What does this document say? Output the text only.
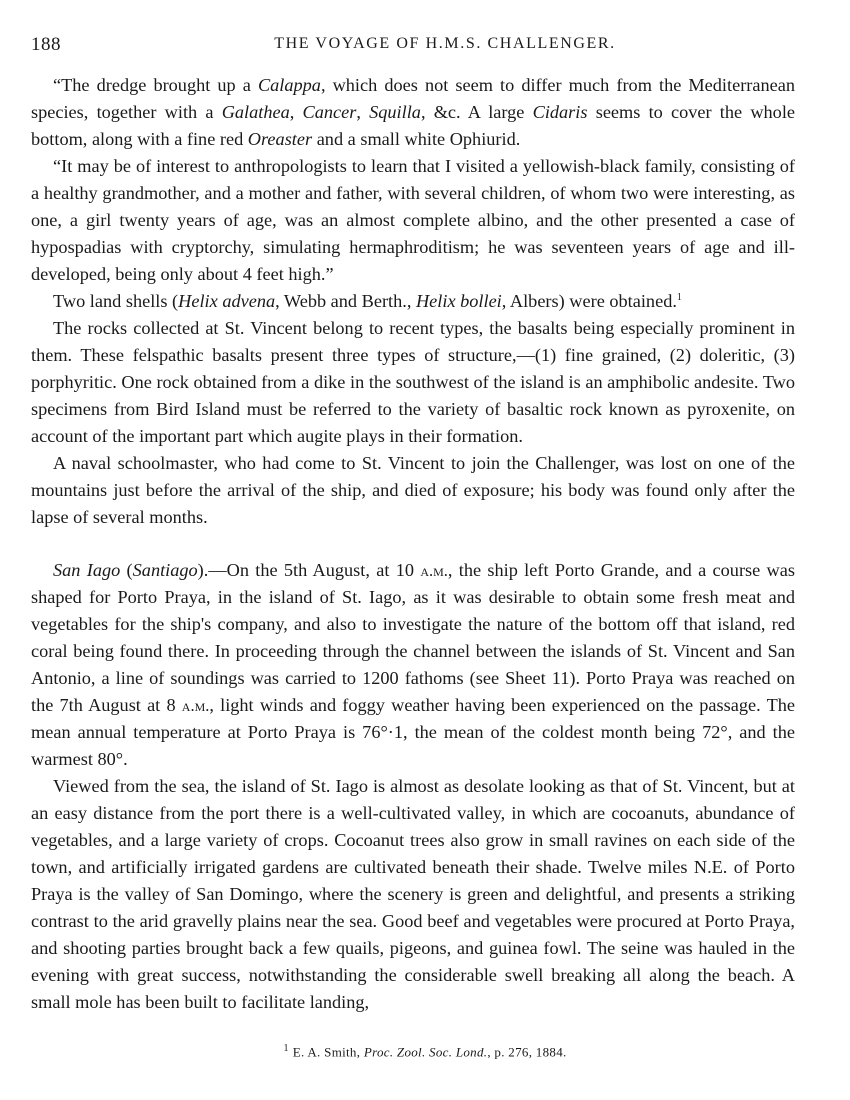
188	THE VOYAGE OF H.M.S. CHALLENGER.

“The dredge brought up a Calappa, which does not seem to differ much from the Mediterranean species, together with a Galathea, Cancer, Squilla, &c. A large Cidaris seems to cover the whole bottom, along with a fine red Oreaster and a small white Ophiurid.

“It may be of interest to anthropologists to learn that I visited a yellowish-black family, consisting of a healthy grandmother, and a mother and father, with several children, of whom two were interesting, as one, a girl twenty years of age, was an almost complete albino, and the other presented a case of hypospadias with cryptorchy, simulating hermaphroditism; he was seventeen years of age and ill-developed, being only about 4 feet high.”

Two land shells (Helix advena, Webb and Berth., Helix bollei, Albers) were obtained.$^1$

The rocks collected at St. Vincent belong to recent types, the basalts being especially prominent in them. These felspathic basalts present three types of structure,—(1) fine grained, (2) doleritic, (3) porphyritic. One rock obtained from a dike in the southwest of the island is an amphibolic andesite. Two specimens from Bird Island must be referred to the variety of basaltic rock known as pyroxenite, on account of the important part which augite plays in their formation.

A naval schoolmaster, who had come to St. Vincent to join the Challenger, was lost on one of the mountains just before the arrival of the ship, and died of exposure; his body was found only after the lapse of several months.

San Iago (Santiago).—On the 5th August, at 10 a.m., the ship left Porto Grande, and a course was shaped for Porto Praya, in the island of St. Iago, as it was desirable to obtain some fresh meat and vegetables for the ship's company, and also to investigate the nature of the bottom off that island, red coral being found there. In proceeding through the channel between the islands of St. Vincent and San Antonio, a line of soundings was carried to 1200 fathoms (see Sheet 11). Porto Praya was reached on the 7th August at 8 a.m., light winds and foggy weather having been experienced on the passage. The mean annual temperature at Porto Praya is 76°·1, the mean of the coldest month being 72°, and the warmest 80°.

Viewed from the sea, the island of St. Iago is almost as desolate looking as that of St. Vincent, but at an easy distance from the port there is a well-cultivated valley, in which are cocoanuts, abundance of vegetables, and a large variety of crops. Cocoanut trees also grow in small ravines on each side of the town, and artificially irrigated gardens are cultivated beneath their shade. Twelve miles N.E. of Porto Praya is the valley of San Domingo, where the scenery is green and delightful, and presents a striking contrast to the arid gravelly plains near the sea. Good beef and vegetables were procured at Porto Praya, and shooting parties brought back a few quails, pigeons, and guinea fowl. The seine was hauled in the evening with great success, notwithstanding the considerable swell breaking all along the beach. A small mole has been built to facilitate landing,

$^1$ E. A. Smith, Proc. Zool. Soc. Lond., p. 276, 1884.
